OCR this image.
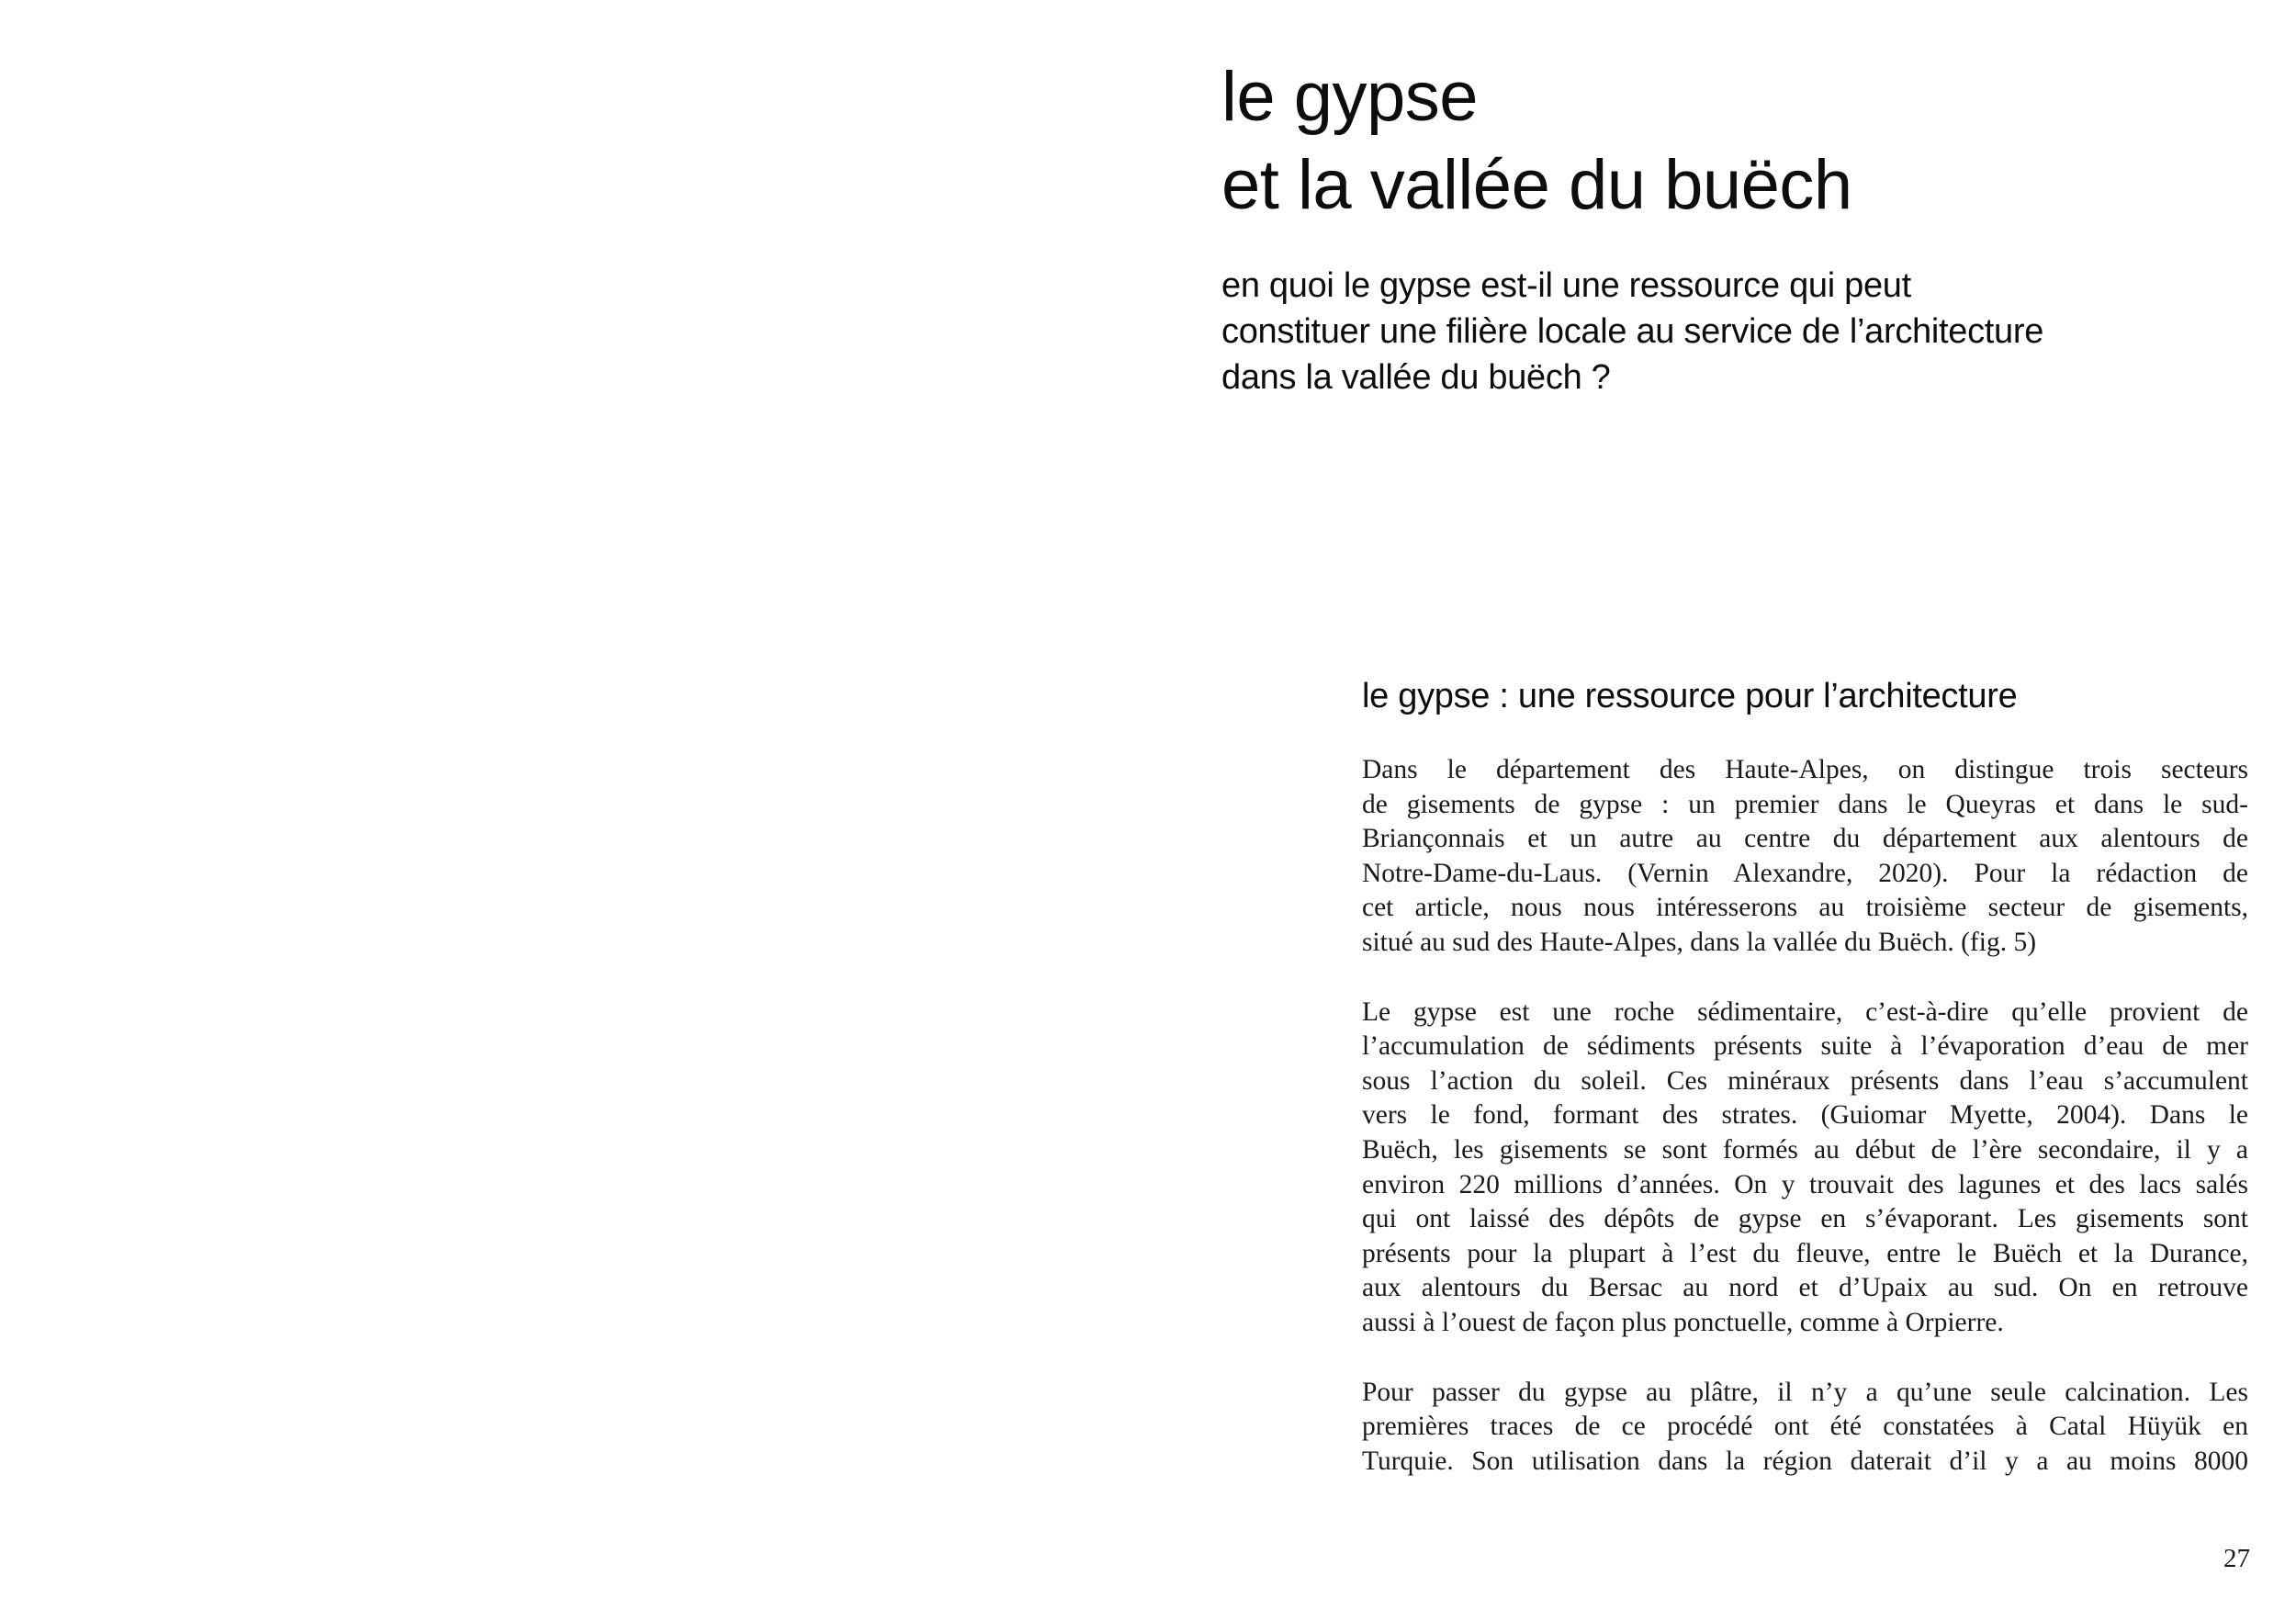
le gypse
et la vallée du buëch
en quoi le gypse est-il une ressource qui peut
constituer une filière locale au service de l’architecture
dans la vallée du buëch ?
le gypse : une ressource pour l’architecture

Dans le département des Haute-Alpes, on distingue trois secteurs
de gisements de gypse : un premier dans le Queyras et dans le sud-
Briançonnais et un autre au centre du département aux alentours de
Notre-Dame-du-Laus. (Vernin Alexandre, 2020). Pour la rédaction de
cet article, nous nous intéresserons au troisième secteur de gisements,
situé au sud des Haute-Alpes, dans la vallée du Buëch. (fig. 5)

Le gypse est une roche sédimentaire, c’est-à-dire qu’elle provient de
l’accumulation de sédiments présents suite à l’évaporation d’eau de mer
sous l’action du soleil. Ces minéraux présents dans l’eau s’accumulent
vers le fond, formant des strates. (Guiomar Myette, 2004). Dans le
Buëch, les gisements se sont formés au début de l’ère secondaire, il y a
environ 220 millions d’années. On y trouvait des lagunes et des lacs salés
qui ont laissé des dépôts de gypse en s’évaporant. Les gisements sont
présents pour la plupart à l’est du fleuve, entre le Buëch et la Durance,
aux alentours du Bersac au nord et d’Upaix au sud. On en retrouve
aussi à l’ouest de façon plus ponctuelle, comme à Orpierre.

Pour passer du gypse au plâtre, il n’y a qu’une seule calcination. Les
premières traces de ce procédé ont été constatées à Catal Hüyük en
Turquie. Son utilisation dans la région daterait d’il y a au moins 8000

27
